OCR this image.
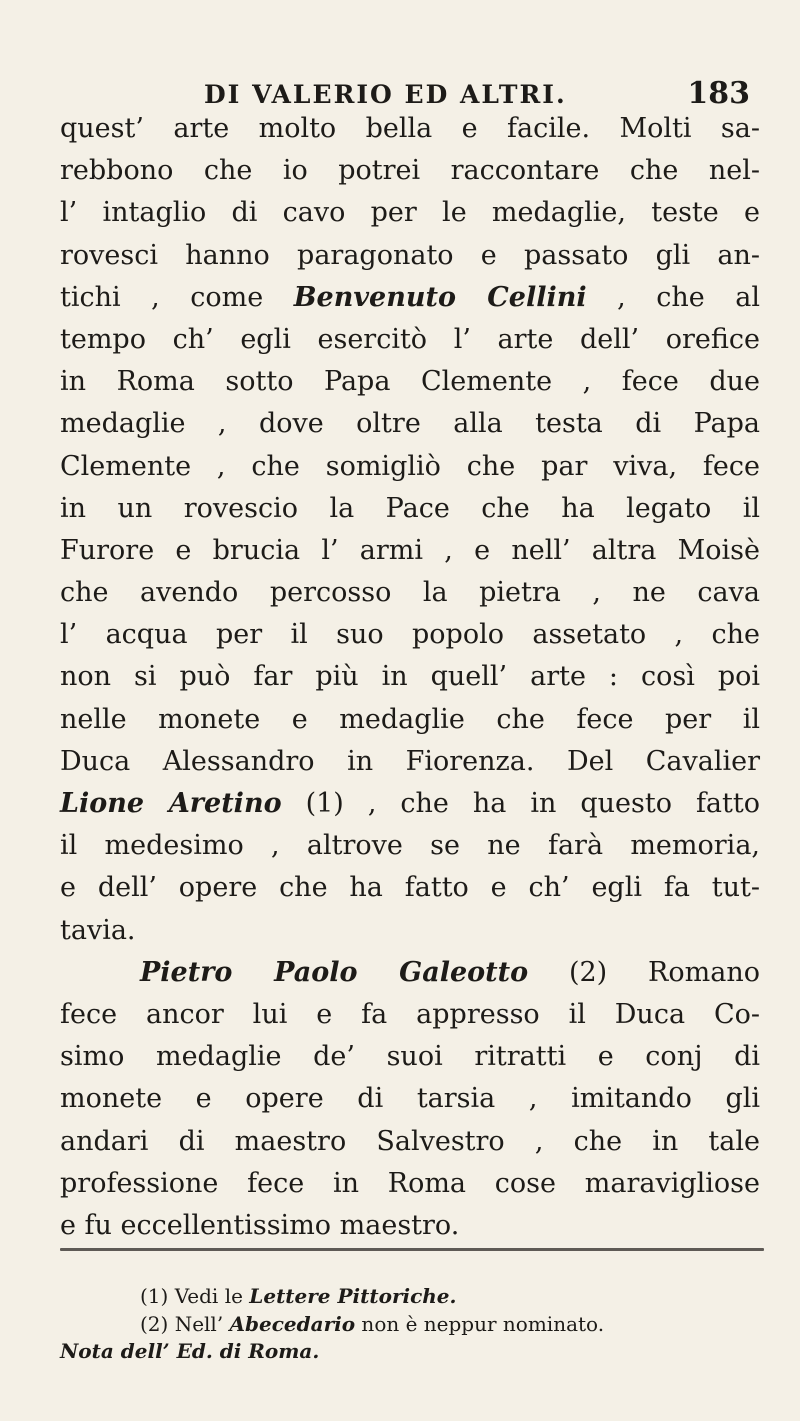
DI VALERIO ED ALTRI.	183
quest’ arte molto bella e facile. Molti sa-
rebbono che io potrei raccontare che nel-
l’ intaglio di cavo per le medaglie, teste e
rovesci hanno paragonato e passato gli an-
tichi , come Benvenuto Cellini , che al
tempo ch’ egli esercitò l’ arte dell’ orefice
in Roma sotto Papa Clemente , fece due
medaglie , dove oltre alla testa di Papa
Clemente , che somigliò che par viva, fece
in un rovescio la Pace che ha legato il
Furore e brucia l’ armi , e nell’ altra Moisè
che avendo percosso la pietra , ne cava
l’ acqua per il suo popolo assetato , che
non si può far più in quell’ arte : così poi
nelle monete e medaglie che fece per il
Duca Alessandro in Fiorenza. Del Cavalier
Lione Aretino (1) , che ha in questo fatto
il medesimo , altrove se ne farà memoria,
e dell’ opere che ha fatto e ch’ egli fa tut-
tavia.
Pietro Paolo Galeotto (2) Romano
fece ancor lui e fa appresso il Duca Co-
simo medaglie de’ suoi ritratti e conj di
monete e opere di tarsia , imitando gli
andari di maestro Salvestro , che in tale
professione fece in Roma cose maravigliose
e fu eccellentissimo maestro.
(1) Vedi le Lettere Pittoriche.
(2) Nell’ Abecedario non è neppur nominato.
Nota dell’ Ed. di Roma.
